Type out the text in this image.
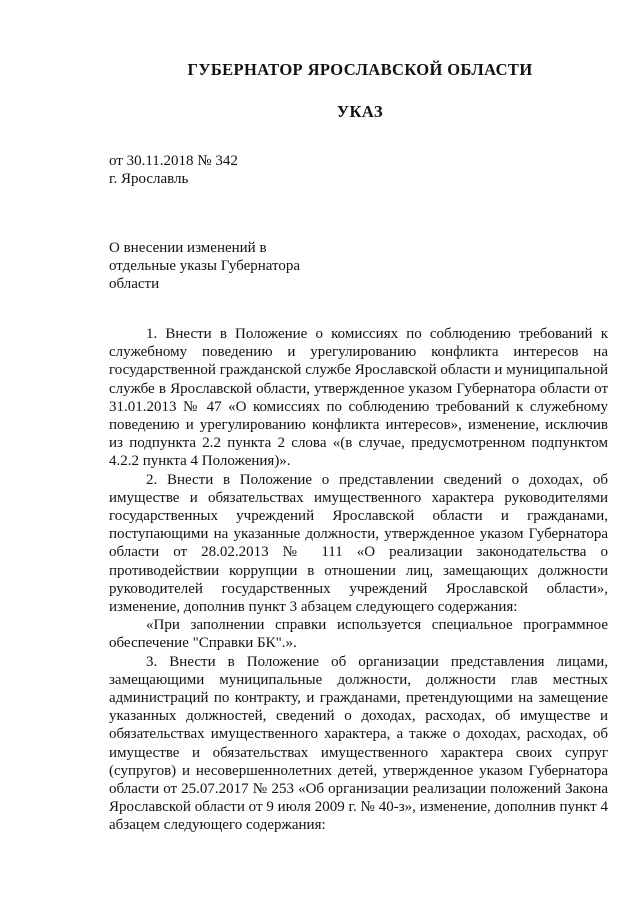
ГУБЕРНАТОР ЯРОСЛАВСКОЙ ОБЛАСТИ
УКАЗ
от 30.11.2018 № 342
г. Ярославль
О внесении изменений в
отдельные указы Губернатора
области

1. Внести в Положение о комиссиях по соблюдению требований к служебному поведению и урегулированию конфликта интересов на государственной гражданской службе Ярославской области и муниципальной службе в Ярославской области, утвержденное указом Губернатора области от 31.01.2013 № 47 «О комиссиях по соблюдению требований к служебному поведению и урегулированию конфликта интересов», изменение, исключив из подпункта 2.2 пункта 2 слова «(в случае, предусмотренном подпунктом 4.2.2 пункта 4 Положения)».

2. Внести в Положение о представлении сведений о доходах, об имуществе и обязательствах имущественного характера руководителями государственных учреждений Ярославской области и гражданами, поступающими на указанные должности, утвержденное указом Губернатора области от 28.02.2013 № 111 «О реализации законодательства о противодействии коррупции в отношении лиц, замещающих должности руководителей государственных учреждений Ярославской области», изменение, дополнив пункт 3 абзацем следующего содержания:

«При заполнении справки используется специальное программное обеспечение "Справки БК".».

3. Внести в Положение об организации представления лицами, замещающими муниципальные должности, должности глав местных администраций по контракту, и гражданами, претендующими на замещение указанных должностей, сведений о доходах, расходах, об имуществе и обязательствах имущественного характера, а также о доходах, расходах, об имуществе и обязательствах имущественного характера своих супруг (супругов) и несовершеннолетних детей, утвержденное указом Губернатора области от 25.07.2017 № 253 «Об организации реализации положений Закона Ярославской области от 9 июля 2009 г. № 40-з», изменение, дополнив пункт 4 абзацем следующего содержания:
